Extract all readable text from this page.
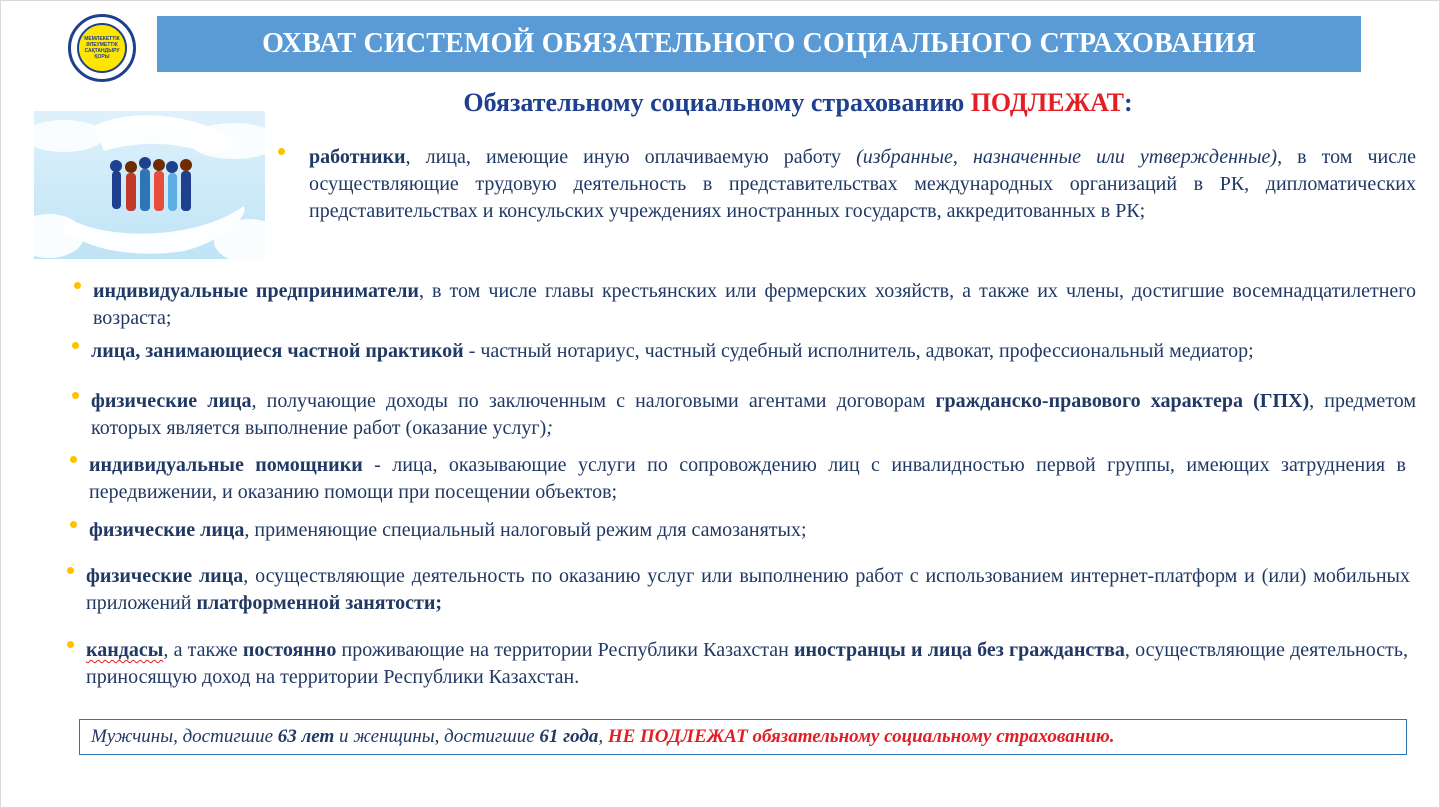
МЕМЛЕКЕТТІК
ӘЛЕУМЕТТІК
САҚТАНДЫРУ
ҚОРЫ	ОХВАТ СИСТЕМОЙ ОБЯЗАТЕЛЬНОГО СОЦИАЛЬНОГО СТРАХОВАНИЯ
Обязательному социальному страхованию ПОДЛЕЖАТ:
работники, лица, имеющие иную оплачиваемую работу (избранные, назначенные или утвержденные), в том числе осуществляющие трудовую деятельность в представительствах международных организаций в РК, дипломатических представительствах и консульских учреждениях иностранных государств, аккредитованных в РК;
индивидуальные предприниматели, в том числе главы крестьянских или фермерских хозяйств, а также их члены, достигшие восемнадцатилетнего возраста;
лица, занимающиеся частной практикой - частный нотариус, частный судебный исполнитель, адвокат, профессиональный медиатор;
физические лица, получающие доходы по заключенным с налоговыми агентами договорам гражданско-правового характера (ГПХ), предметом которых является выполнение работ (оказание услуг);
индивидуальные помощники - лица, оказывающие услуги по сопровождению лиц с инвалидностью первой группы, имеющих затруднения в передвижении, и оказанию помощи при посещении объектов;
физические лица, применяющие специальный налоговый режим для самозанятых;
физические лица, осуществляющие деятельность по оказанию услуг или выполнению работ с использованием интернет-платформ и (или) мобильных приложений платформенной занятости;
кандасы, а также постоянно проживающие на территории Республики Казахстан иностранцы и лица без гражданства, осуществляющие деятельность, приносящую доход на территории Республики Казахстан.
Мужчины, достигшие
63 лет
и женщины, достигшие
61 года ,
НЕ ПОДЛЕЖАТ обязательному социальному страхованию.
